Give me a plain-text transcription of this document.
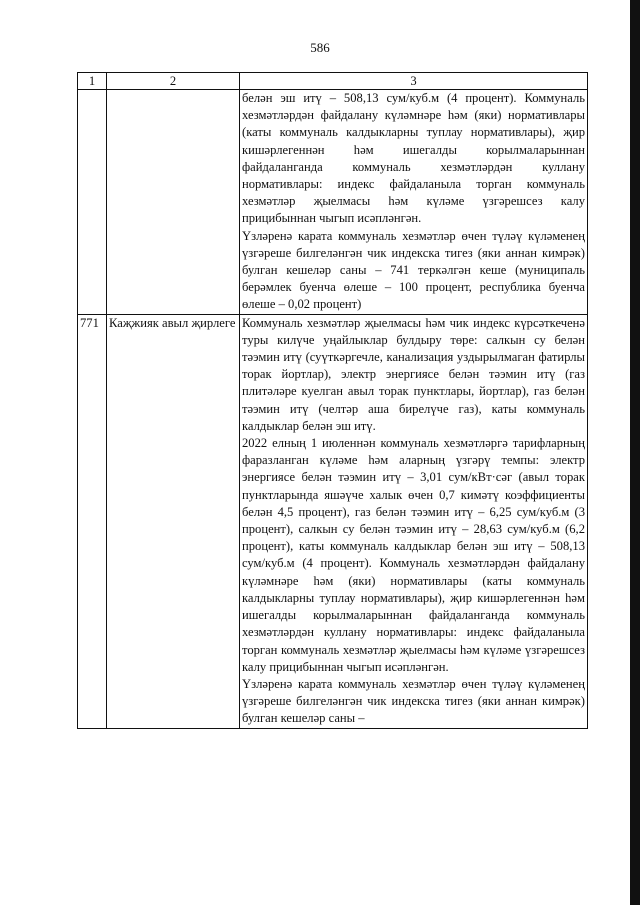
586
1	2	3

		белән эш итү – 508,13 сум/куб.м (4 процент). Коммуналь хезмәтләрдән файдалану күләмнәре һәм (яки) нормативлары (каты коммуналь калдыкларны туплау нормативлары), җир кишәрлегеннән һәм ишегалды корылмаларыннан файдаланганда коммуналь хезмәтләрдән куллану нормативлары: индекс файдаланыла торган коммуналь хезмәтләр җыелмасы һәм күләме үзгәрешсез калу прицибыннан чыгып исәпләнгән.

Үзләренә карата коммуналь хезмәтләр өчен түләү күләменең үзгәреше билгеләнгән чик индекска тигез (яки аннан кимрәк) булган кешеләр саны – 741 теркәлгән кеше (муниципаль берәмлек буенча өлеше – 100 процент, республика буенча өлеше – 0,02 процент)

771	Каҗжияк авыл җирлеге	Коммуналь хезмәтләр җыелмасы һәм чик индекс күрсәткеченә туры килүче уңайлыклар булдыру төре: салкын су белән тәэмин итү (суүткәргечле, канализация уздырылмаган фатирлы торак йортлар), электр энергиясе белән тәэмин итү (газ плитәләре куелган авыл торак пунктлары, йортлар), газ белән тәэмин итү (челтәр аша бирелүче газ), каты коммуналь калдыклар белән эш итү.

2022 елның 1 июленнән коммуналь хезмәтләргә тарифларның фаразланган күләме һәм аларның үзгәрү темпы: электр энергиясе белән тәэмин итү – 3,01 сум/кВт·сәг (авыл торак пунктларында яшәүче халык өчен 0,7 кимәтү коэффициенты белән 4,5 процент), газ белән тәэмин итү – 6,25 сум/куб.м (3 процент), салкын су белән тәэмин итү – 28,63 сум/куб.м (6,2 процент), каты коммуналь калдыклар белән эш итү – 508,13 сум/куб.м (4 процент). Коммуналь хезмәтләрдән файдалану күләмнәре һәм (яки) нормативлары (каты коммуналь калдыкларны туплау нормативлары), җир кишәрлегеннән һәм ишегалды корылмаларыннан файдаланганда коммуналь хезмәтләрдән куллану нормативлары: индекс файдаланыла торган коммуналь хезмәтләр җыелмасы һәм күләме үзгәрешсез калу прицибыннан чыгып исәпләнгән.

Үзләренә карата коммуналь хезмәтләр өчен түләү күләменең үзгәреше билгеләнгән чик индекска тигез (яки аннан кимрәк) булган кешеләр саны –
